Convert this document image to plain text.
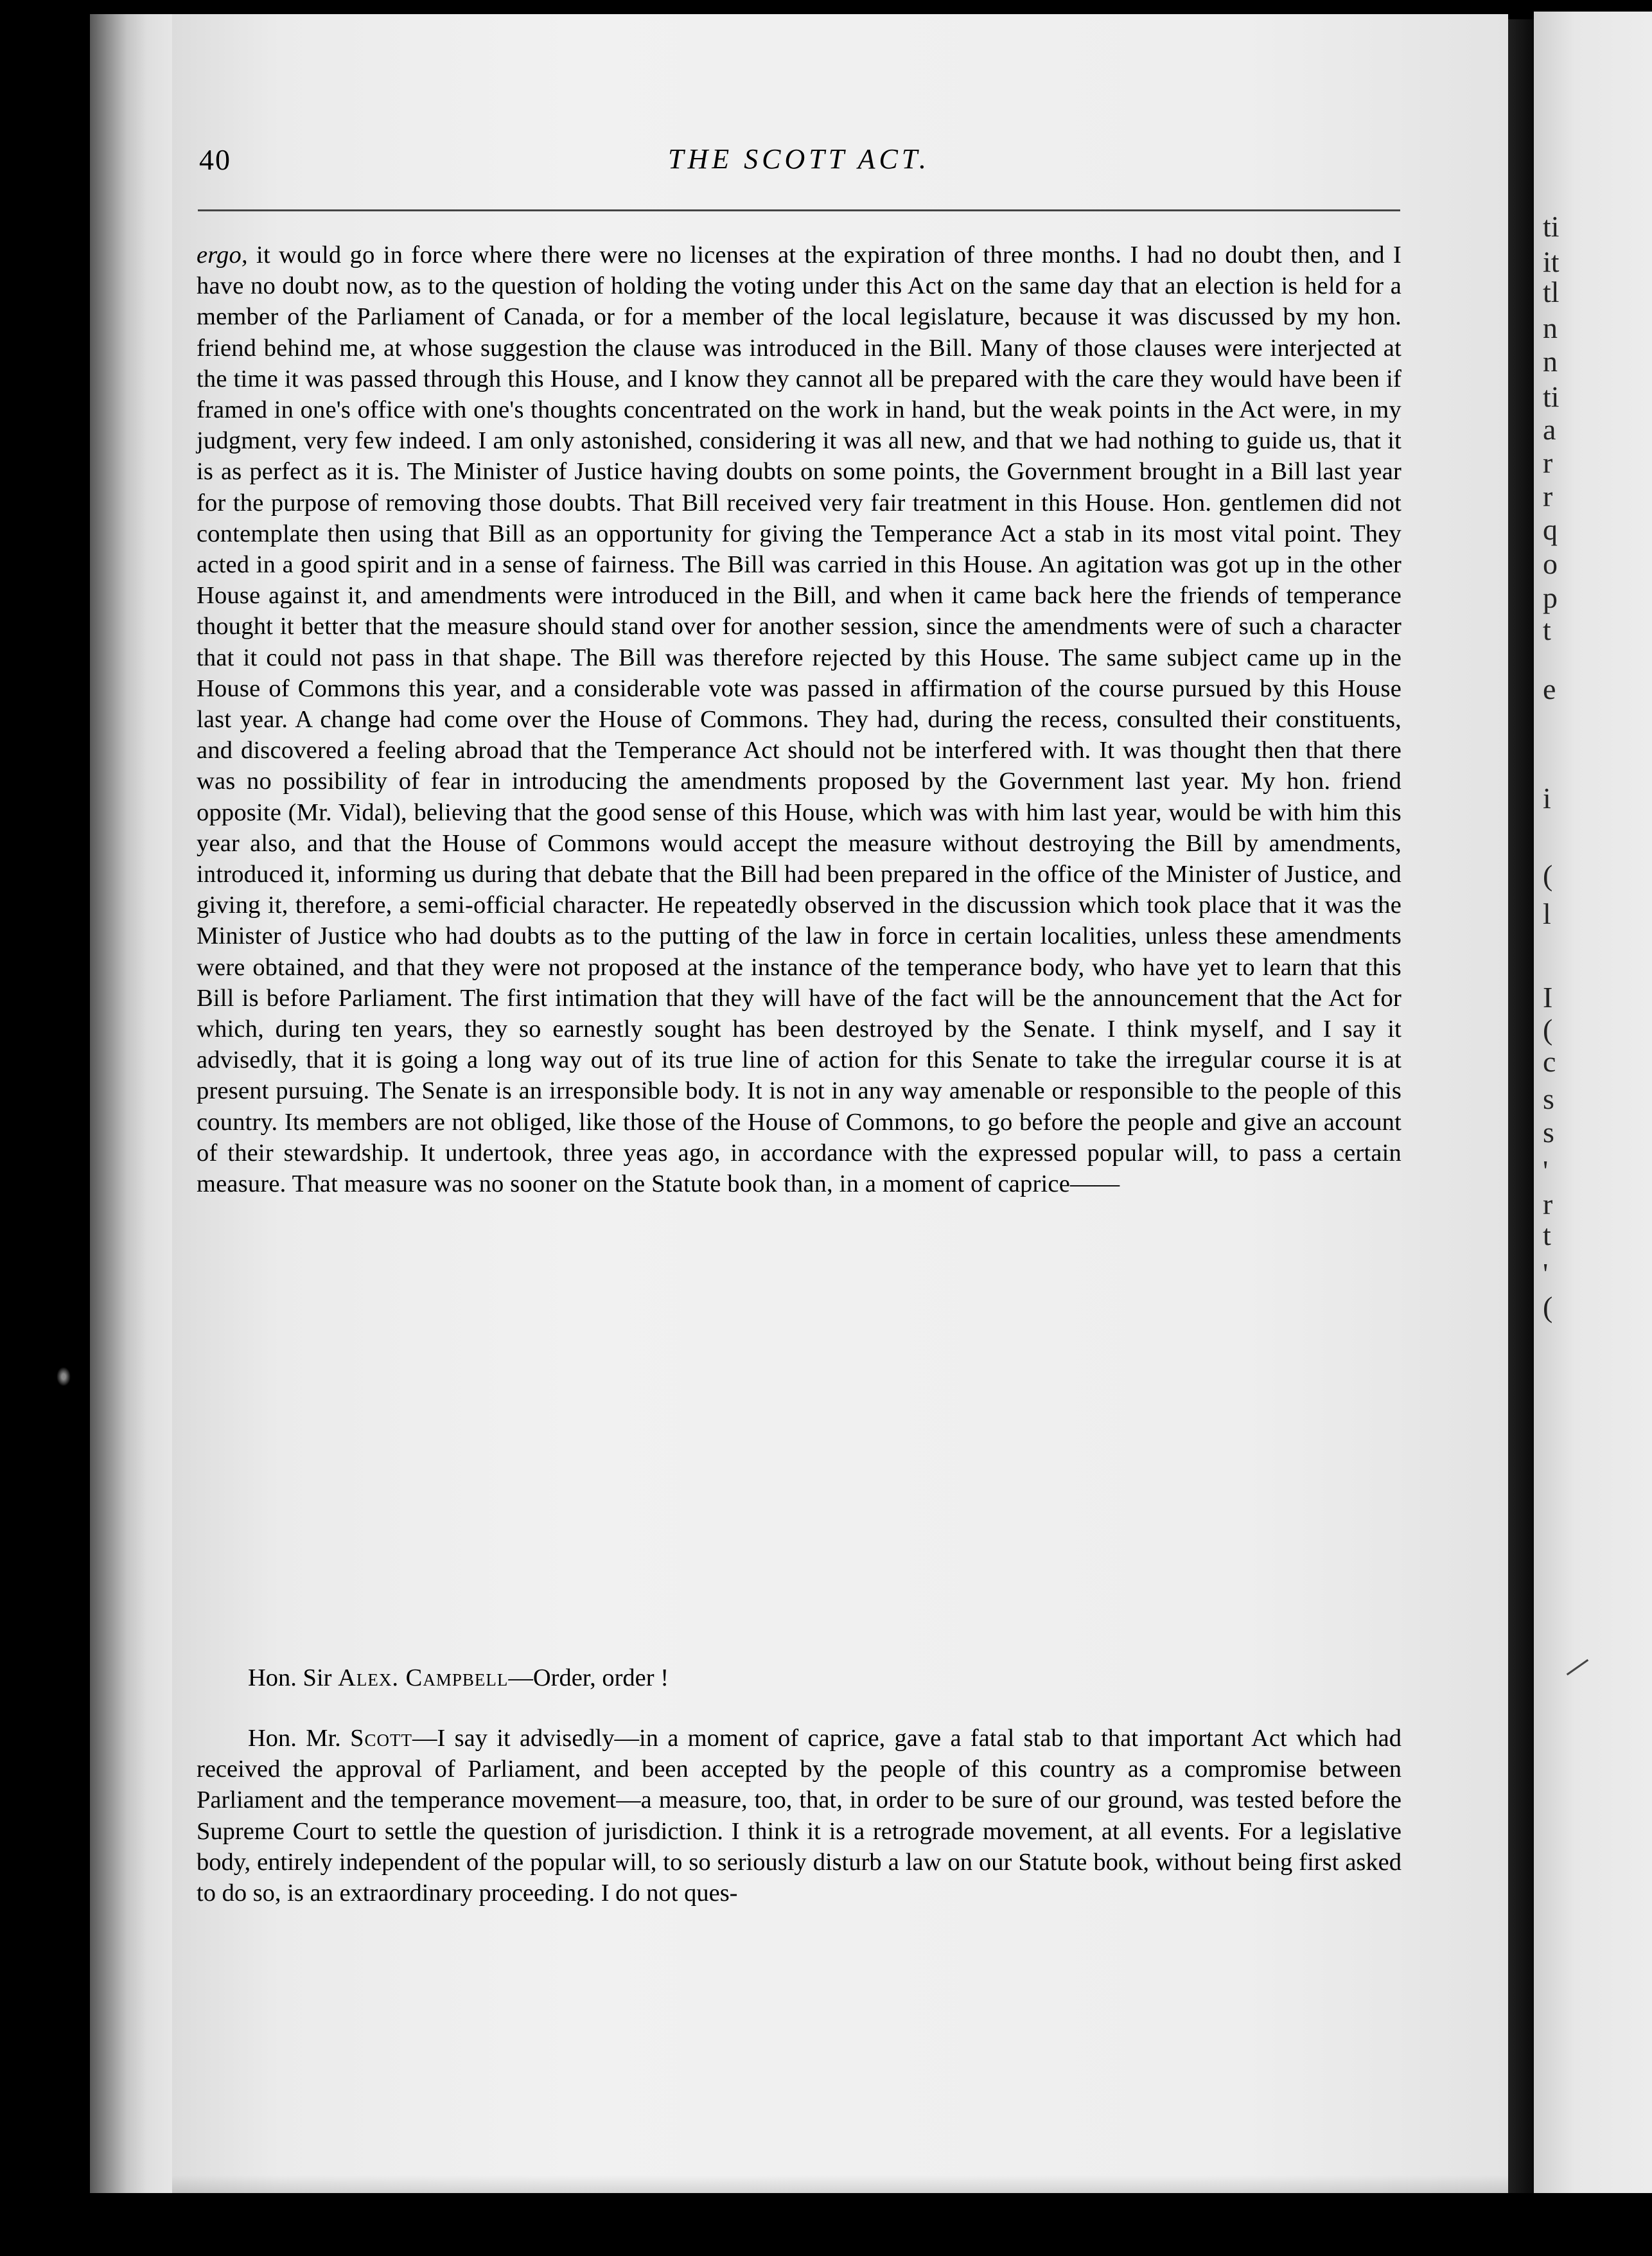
ti
it
tl
n
n
ti
a
r
r
q
o
p
t
e
i
(
l
I
(
c
s
s
'
r
t
'
(
40	THE SCOTT ACT.

ergo, it would go in force where there were no licenses at the expiration of three months. I had no doubt then, and I have no doubt now, as to the question of holding the voting under this Act on the same day that an election is held for a member of the Parliament of Canada, or for a member of the local legislature, because it was discussed by my hon. friend behind me, at whose suggestion the clause was introduced in the Bill. Many of those clauses were interjected at the time it was passed through this House, and I know they cannot all be prepared with the care they would have been if framed in one's office with one's thoughts concentrated on the work in hand, but the weak points in the Act were, in my judgment, very few indeed. I am only astonished, considering it was all new, and that we had nothing to guide us, that it is as perfect as it is. The Minister of Justice having doubts on some points, the Government brought in a Bill last year for the purpose of removing those doubts. That Bill received very fair treatment in this House. Hon. gentlemen did not contemplate then using that Bill as an opportunity for giving the Temperance Act a stab in its most vital point. They acted in a good spirit and in a sense of fairness. The Bill was carried in this House. An agitation was got up in the other House against it, and amendments were introduced in the Bill, and when it came back here the friends of temperance thought it better that the measure should stand over for another session, since the amendments were of such a character that it could not pass in that shape. The Bill was therefore rejected by this House. The same subject came up in the House of Commons this year, and a considerable vote was passed in affirmation of the course pursued by this House last year. A change had come over the House of Commons. They had, during the recess, consulted their constituents, and discovered a feeling abroad that the Temperance Act should not be interfered with. It was thought then that there was no possibility of fear in introducing the amendments proposed by the Government last year. My hon. friend opposite (Mr. Vidal), believing that the good sense of this House, which was with him last year, would be with him this year also, and that the House of Commons would accept the measure without destroying the Bill by amendments, introduced it, informing us during that debate that the Bill had been prepared in the office of the Minister of Justice, and giving it, therefore, a semi-official character. He repeatedly observed in the discussion which took place that it was the Minister of Justice who had doubts as to the putting of the law in force in certain localities, unless these amendments were obtained, and that they were not proposed at the instance of the temperance body, who have yet to learn that this Bill is before Parliament. The first intimation that they will have of the fact will be the announcement that the Act for which, during ten years, they so earnestly sought has been destroyed by the Senate. I think myself, and I say it advisedly, that it is going a long way out of its true line of action for this Senate to take the irregular course it is at present pursuing. The Senate is an irresponsible body. It is not in any way amenable or responsible to the people of this country. Its members are not obliged, like those of the House of Commons, to go before the people and give an account of their stewardship. It undertook, three yeas ago, in accordance with the expressed popular will, to pass a certain measure. That measure was no sooner on the Statute book than, in a moment of caprice——

Hon. Sir Alex. Campbell—Order, order !

Hon. Mr. Scott—I say it advisedly—in a moment of caprice, gave a fatal stab to that important Act which had received the approval of Parliament, and been accepted by the people of this country as a compromise between Parliament and the temperance movement—a measure, too, that, in order to be sure of our ground, was tested before the Supreme Court to settle the question of jurisdiction. I think it is a retrograde movement, at all events. For a legislative body, entirely independent of the popular will, to so seriously disturb a law on our Statute book, without being first asked to do so, is an extraordinary proceeding. I do not ques-
